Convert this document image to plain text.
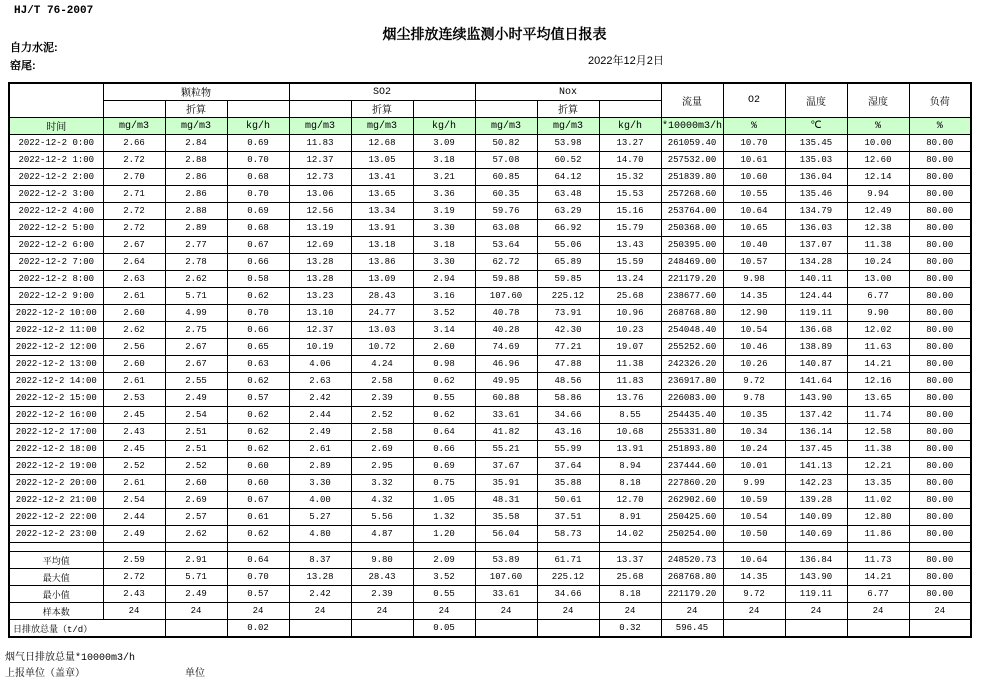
HJ/T 76-2007
烟尘排放连续监测小时平均值日报表
自力水泥:
窑尾:	2022年12月2日
	颗粒物			SO2			Nox			流量	O2	温度	湿度	负荷
		折算			折算			折算						
时间	mg/m3	mg/m3	kg/h	mg/m3	mg/m3	kg/h	mg/m3	mg/m3	kg/h	*10000m3/h	%	℃	%	%
2022-12-2 0:00	2.66	2.84	0.69	11.83	12.68	3.09	50.82	53.98	13.27	261059.40	10.70	135.45	10.00	80.00
2022-12-2 1:00	2.72	2.88	0.70	12.37	13.05	3.18	57.08	60.52	14.70	257532.00	10.61	135.03	12.60	80.00
2022-12-2 2:00	2.70	2.86	0.68	12.73	13.41	3.21	60.85	64.12	15.32	251839.80	10.60	136.04	12.14	80.00
2022-12-2 3:00	2.71	2.86	0.70	13.06	13.65	3.36	60.35	63.48	15.53	257268.60	10.55	135.46	9.94	80.00
2022-12-2 4:00	2.72	2.88	0.69	12.56	13.34	3.19	59.76	63.29	15.16	253764.00	10.64	134.79	12.49	80.00
2022-12-2 5:00	2.72	2.89	0.68	13.19	13.91	3.30	63.08	66.92	15.79	250368.00	10.65	136.03	12.38	80.00
2022-12-2 6:00	2.67	2.77	0.67	12.69	13.18	3.18	53.64	55.06	13.43	250395.00	10.40	137.07	11.38	80.00
2022-12-2 7:00	2.64	2.78	0.66	13.28	13.86	3.30	62.72	65.89	15.59	248469.00	10.57	134.28	10.24	80.00
2022-12-2 8:00	2.63	2.62	0.58	13.28	13.09	2.94	59.88	59.85	13.24	221179.20	9.98	140.11	13.00	80.00
2022-12-2 9:00	2.61	5.71	0.62	13.23	28.43	3.16	107.60	225.12	25.68	238677.60	14.35	124.44	6.77	80.00
2022-12-2 10:00	2.60	4.99	0.70	13.10	24.77	3.52	40.78	73.91	10.96	268768.80	12.90	119.11	9.90	80.00
2022-12-2 11:00	2.62	2.75	0.66	12.37	13.03	3.14	40.28	42.30	10.23	254048.40	10.54	136.68	12.02	80.00
2022-12-2 12:00	2.56	2.67	0.65	10.19	10.72	2.60	74.69	77.21	19.07	255252.60	10.46	138.89	11.63	80.00
2022-12-2 13:00	2.60	2.67	0.63	4.06	4.24	0.98	46.96	47.88	11.38	242326.20	10.26	140.87	14.21	80.00
2022-12-2 14:00	2.61	2.55	0.62	2.63	2.58	0.62	49.95	48.56	11.83	236917.80	9.72	141.64	12.16	80.00
2022-12-2 15:00	2.53	2.49	0.57	2.42	2.39	0.55	60.88	58.86	13.76	226083.00	9.78	143.90	13.65	80.00
2022-12-2 16:00	2.45	2.54	0.62	2.44	2.52	0.62	33.61	34.66	8.55	254435.40	10.35	137.42	11.74	80.00
2022-12-2 17:00	2.43	2.51	0.62	2.49	2.58	0.64	41.82	43.16	10.68	255331.80	10.34	136.14	12.58	80.00
2022-12-2 18:00	2.45	2.51	0.62	2.61	2.69	0.66	55.21	55.99	13.91	251893.80	10.24	137.45	11.38	80.00
2022-12-2 19:00	2.52	2.52	0.60	2.89	2.95	0.69	37.67	37.64	8.94	237444.60	10.01	141.13	12.21	80.00
2022-12-2 20:00	2.61	2.60	0.60	3.30	3.32	0.75	35.91	35.88	8.18	227860.20	9.99	142.23	13.35	80.00
2022-12-2 21:00	2.54	2.69	0.67	4.00	4.32	1.05	48.31	50.61	12.70	262902.60	10.59	139.28	11.02	80.00
2022-12-2 22:00	2.44	2.57	0.61	5.27	5.56	1.32	35.58	37.51	8.91	250425.60	10.54	140.09	12.80	80.00
2022-12-2 23:00	2.49	2.62	0.62	4.80	4.87	1.20	56.04	58.73	14.02	250254.00	10.50	140.69	11.86	80.00

平均值	2.59	2.91	0.64	8.37	9.80	2.09	53.89	61.71	13.37	248520.73	10.64	136.84	11.73	80.00
最大值	2.72	5.71	0.70	13.28	28.43	3.52	107.60	225.12	25.68	268768.80	14.35	143.90	14.21	80.00
最小值	2.43	2.49	0.57	2.42	2.39	0.55	33.61	34.66	8.18	221179.20	9.72	119.11	6.77	80.00
样本数	24	24	24	24	24	24	24	24	24	24	24	24	24	24
日排放总量（t/d）			0.02			0.05			0.32	596.45				
烟气日排放总量*10000m3/h
上报单位（盖章）	单位
